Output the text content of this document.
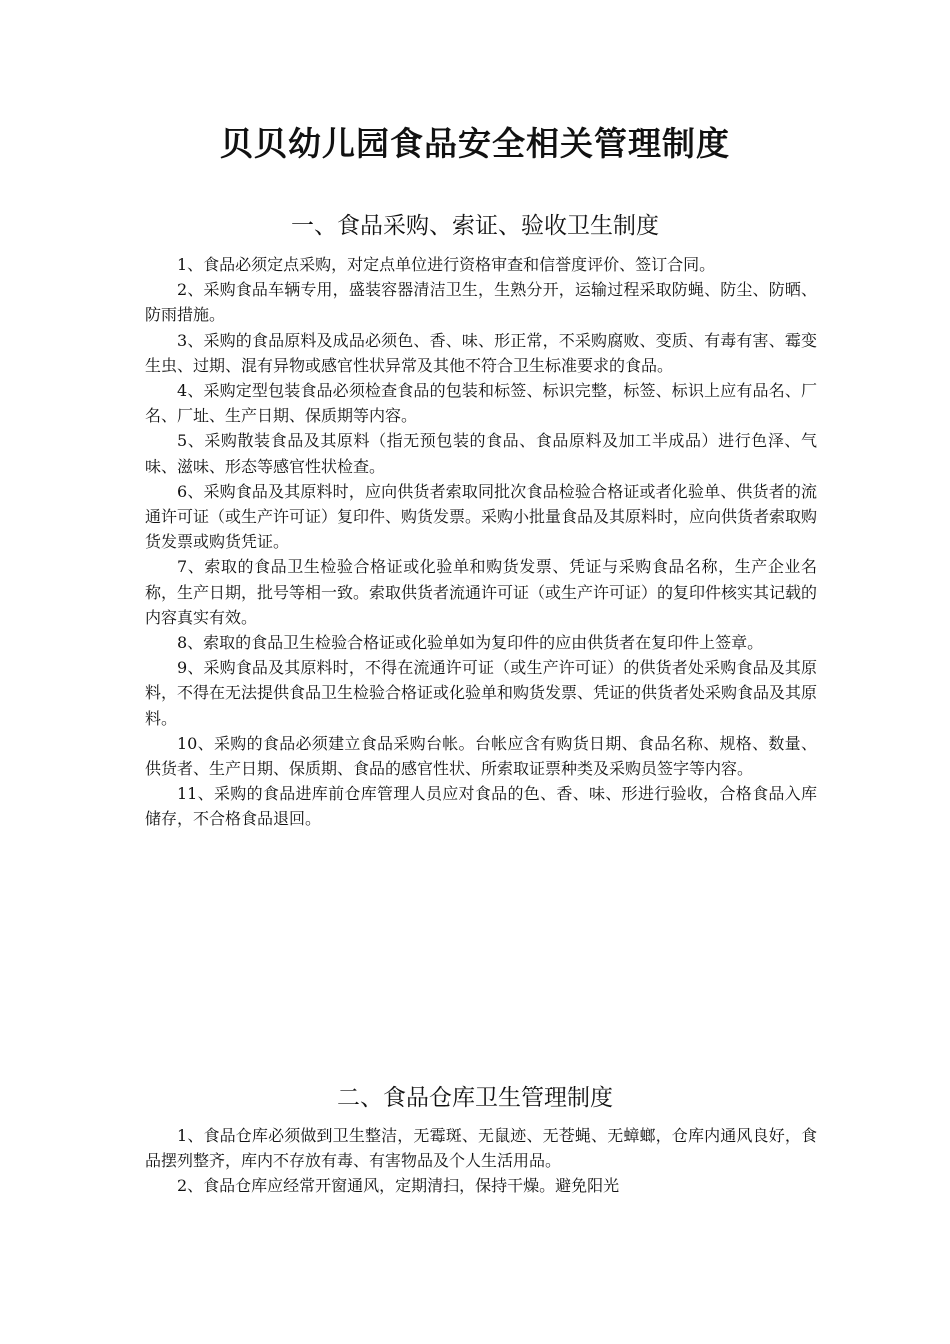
贝贝幼儿园食品安全相关管理制度
一、食品采购、索证、验收卫生制度

1、食品必须定点采购，对定点单位进行资格审查和信誉度评价、签订合同。

2、采购食品车辆专用，盛装容器清洁卫生，生熟分开，运输过程采取防蝇、防尘、防晒、防雨措施。

3、采购的食品原料及成品必须色、香、味、形正常，不采购腐败、变质、有毒有害、霉变生虫、过期、混有异物或感官性状异常及其他不符合卫生标准要求的食品。

4、采购定型包装食品必须检查食品的包装和标签、标识完整，标签、标识上应有品名、厂名、厂址、生产日期、保质期等内容。

5、采购散装食品及其原料（指无预包装的食品、食品原料及加工半成品）进行色泽、气味、滋味、形态等感官性状检查。

6、采购食品及其原料时，应向供货者索取同批次食品检验合格证或者化验单、供货者的流通许可证（或生产许可证）复印件、购货发票。采购小批量食品及其原料时，应向供货者索取购货发票或购货凭证。

7、索取的食品卫生检验合格证或化验单和购货发票、凭证与采购食品名称，生产企业名称，生产日期，批号等相一致。索取供货者流通许可证（或生产许可证）的复印件核实其记载的内容真实有效。

8、索取的食品卫生检验合格证或化验单如为复印件的应由供货者在复印件上签章。

9、采购食品及其原料时，不得在流通许可证（或生产许可证）的供货者处采购食品及其原料，不得在无法提供食品卫生检验合格证或化验单和购货发票、凭证的供货者处采购食品及其原料。

10、采购的食品必须建立食品采购台帐。台帐应含有购货日期、食品名称、规格、数量、供货者、生产日期、保质期、食品的感官性状、所索取证票种类及采购员签字等内容。

11、采购的食品进库前仓库管理人员应对食品的色、香、味、形进行验收，合格食品入库储存，不合格食品退回。

二、食品仓库卫生管理制度

1、食品仓库必须做到卫生整洁，无霉斑、无鼠迹、无苍蝇、无蟑螂，仓库内通风良好，食品摆列整齐，库内不存放有毒、有害物品及个人生活用品。

2、食品仓库应经常开窗通风，定期清扫，保持干燥。避免阳光
